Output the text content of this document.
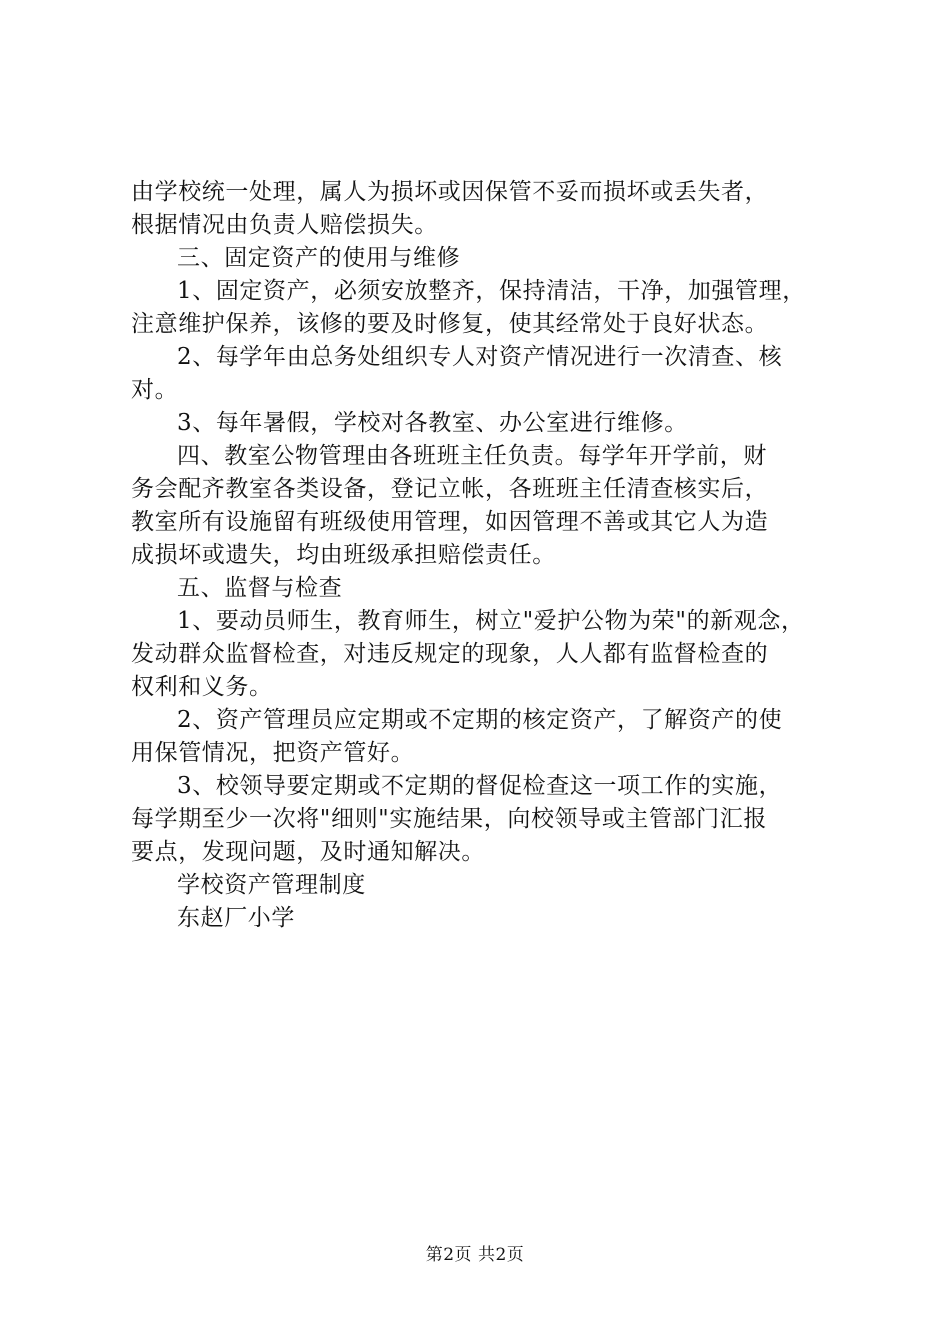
由学校统一处理，属人为损坏或因保管不妥而损坏或丢失者，
根据情况由负责人赔偿损失。
三、固定资产的使用与维修
1、固定资产，必须安放整齐，保持清洁，干净，加强管理，
注意维护保养，该修的要及时修复，使其经常处于良好状态。
2、每学年由总务处组织专人对资产情况进行一次清查、核
对。
3、每年暑假，学校对各教室、办公室进行维修。
四、教室公物管理由各班班主任负责。每学年开学前，财
务会配齐教室各类设备，登记立帐，各班班主任清查核实后，
教室所有设施留有班级使用管理，如因管理不善或其它人为造
成损坏或遗失，均由班级承担赔偿责任。
五、监督与检查
1、要动员师生，教育师生，树立"爱护公物为荣"的新观念，
发动群众监督检查，对违反规定的现象，人人都有监督检查的
权利和义务。
2、资产管理员应定期或不定期的核定资产，了解资产的使
用保管情况，把资产管好。
3、校领导要定期或不定期的督促检查这一项工作的实施，
每学期至少一次将"细则"实施结果，向校领导或主管部门汇报
要点，发现问题，及时通知解决。
学校资产管理制度
东赵厂小学
第2页 共2页
